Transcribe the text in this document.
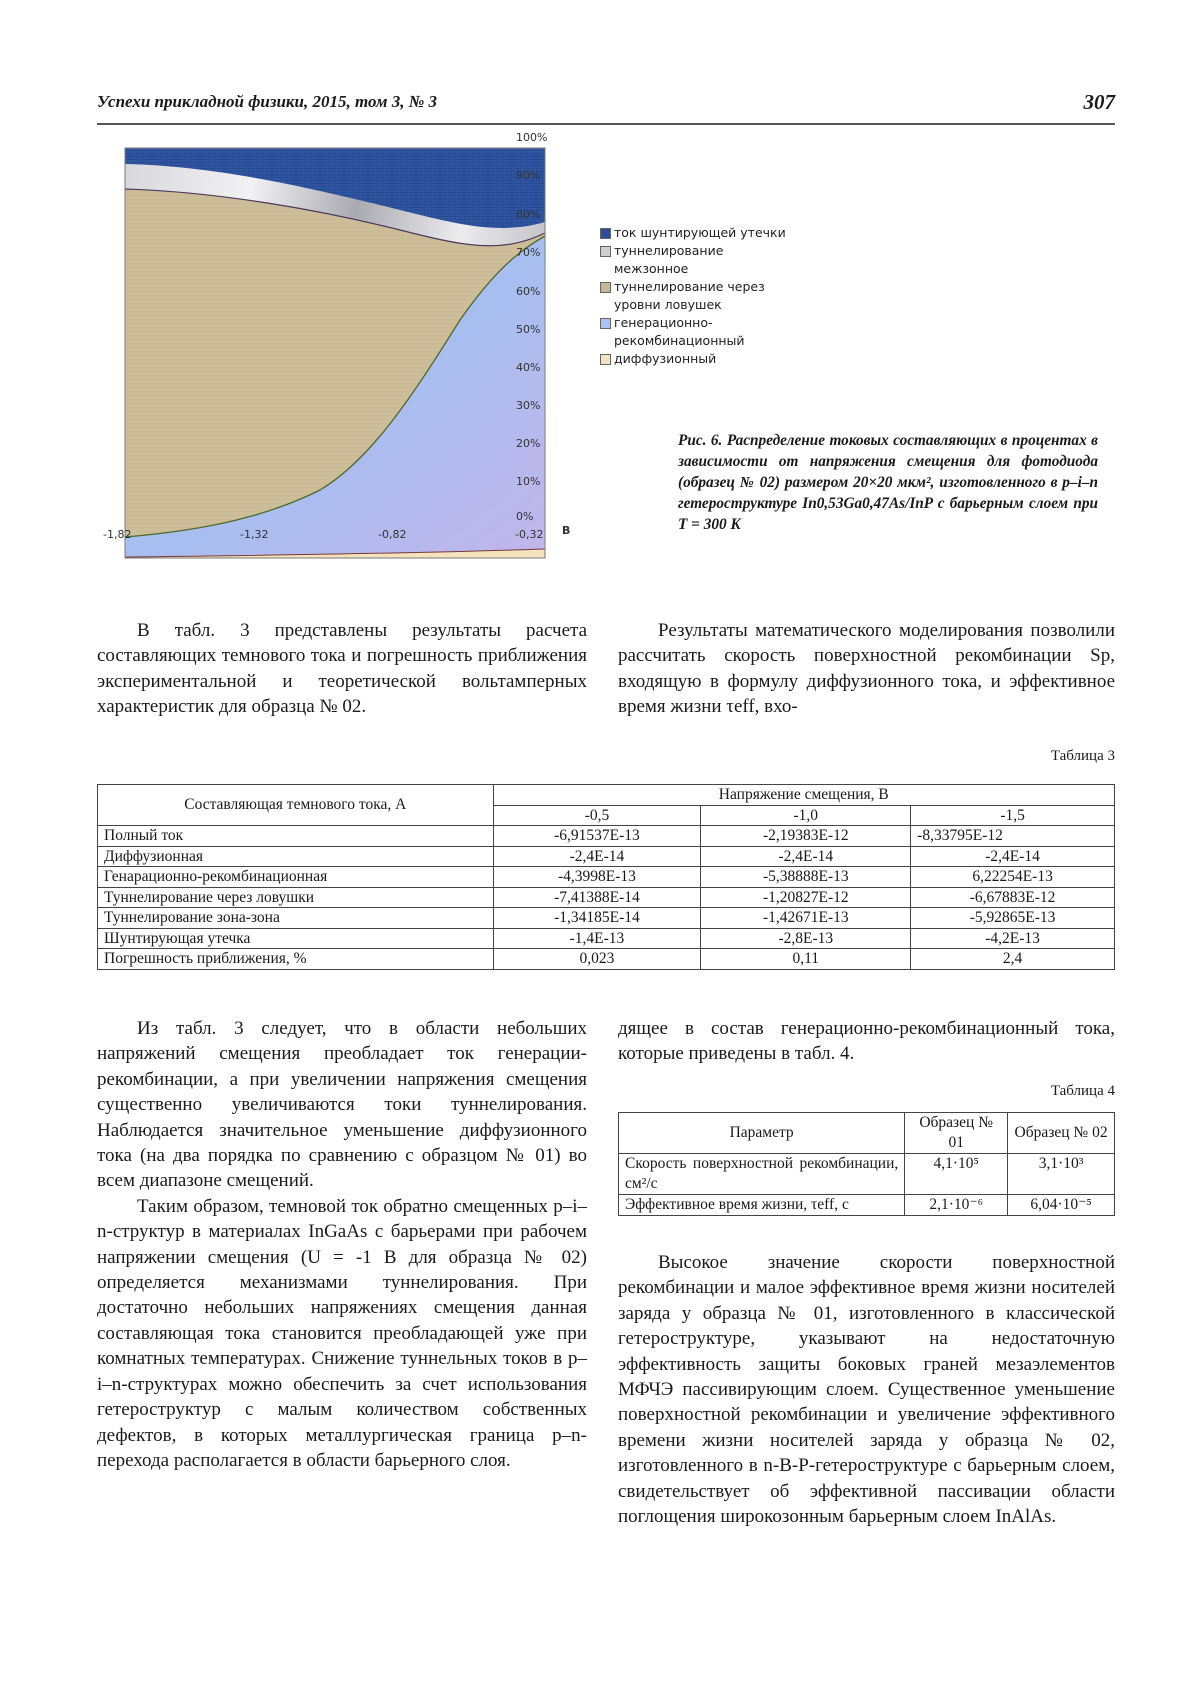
Успехи прикладной физики, 2015, том 3, № 3	307
100%
90%
80%
70%
60%
50%
40%
30%
20%
10%
0%
-1,82	-1,32	-0,82	-0,32 В
ток шунтирующей утечки
туннелирование межзонное
туннелирование через уровни ловушек
генерационно-рекомбинационный
диффузионный
Рис. 6. Распределение токовых составляющих в процентах в зависимости от напряжения смещения для фотодиода (образец № 02) размером 20×20 мкм², изготовленного в p–i–n гетероструктуре In0,53Ga0,47As/InP с барьерным слоем при T = 300 K

В табл. 3 представлены результаты расчета составляющих темнового тока и погрешность приближения экспериментальной и теоретической вольтамперных характеристик для образца № 02.

Результаты математического моделирования позволили рассчитать скорость поверхностной рекомбинации Sp, входящую в формулу диффузионного тока, и эффективное время жизни τeff, вхо-

Таблица 3
Составляющая темнового тока, А	Напряжение смещения, В		
	-0,5	-1,0	-1,5
Полный ток	-6,91537E-13	-2,19383E-12	-8,33795E-12
Диффузионная	-2,4E-14	-2,4E-14	-2,4E-14
Генарационно-рекомбинационная	-4,3998E-13	-5,38888E-13	6,22254E-13
Туннелирование через ловушки	-7,41388E-14	-1,20827E-12	-6,67883E-12
Туннелирование зона-зона	-1,34185E-14	-1,42671E-13	-5,92865E-13
Шунтирующая утечка	-1,4E-13	-2,8E-13	-4,2E-13
Погрешность приближения, %	0,023	0,11	2,4

Из табл. 3 следует, что в области небольших напряжений смещения преобладает ток генерации-рекомбинации, а при увеличении напряжения смещения существенно увеличиваются токи туннелирования. Наблюдается значительное уменьшение диффузионного тока (на два порядка по сравнению с образцом № 01) во всем диапазоне смещений.

Таким образом, темновой ток обратно смещенных p–i–n-структур в материалах InGaAs с барьерами при рабочем напряжении смещения (U = -1 В для образца № 02) определяется механизмами туннелирования. При достаточно небольших напряжениях смещения данная составляющая тока становится преобладающей уже при комнатных температурах. Снижение туннельных токов в p–i–n-структурах можно обеспечить за счет использования гетероструктур с малым количеством собственных дефектов, в которых металлургическая граница p–n-перехода располагается в области барьерного слоя.

дящее в состав генерационно-рекомбинационный тока, которые приведены в табл. 4.

Таблица 4
Параметр	Образец № 01	Образец № 02
Скорость поверхностной рекомбинации, см²/с	4,1·10⁵	3,1·10³
Эффективное время жизни, τeff, с	2,1·10⁻⁶	6,04·10⁻⁵

Высокое значение скорости поверхностной рекомбинации и малое эффективное время жизни носителей заряда у образца № 01, изготовленного в классической гетероструктуре, указывают на недостаточную эффективность защиты боковых граней мезаэлементов МФЧЭ пассивирующим слоем. Существенное уменьшение поверхностной рекомбинации и увеличение эффективного времени жизни носителей заряда у образца № 02, изготовленного в n-B-P-гетероструктуре с барьерным слоем, свидетельствует об эффективной пассивации области поглощения широкозонным барьерным слоем InAlAs.
